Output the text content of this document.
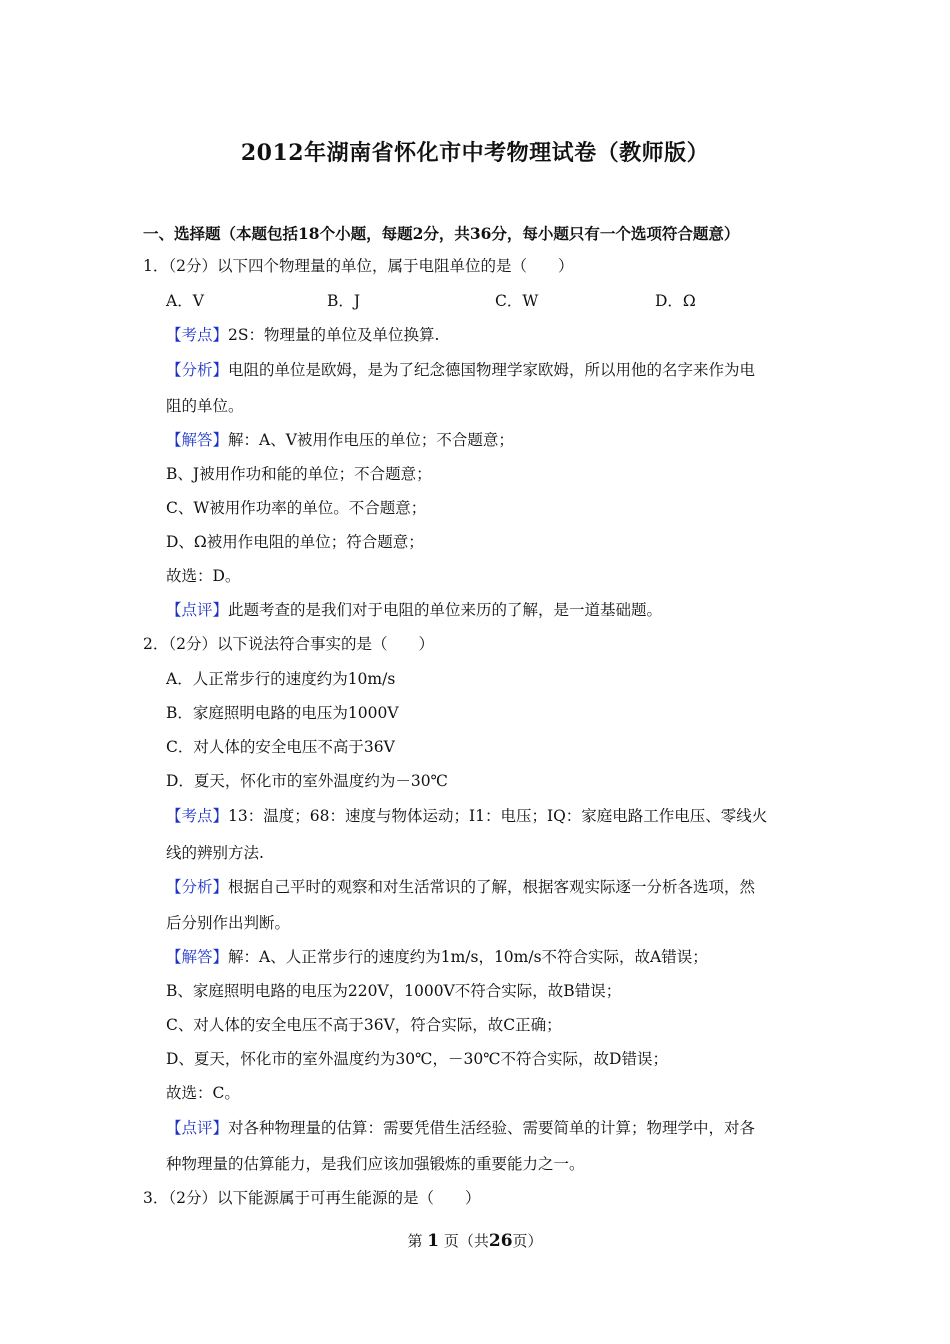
2012年湖南省怀化市中考物理试卷（教师版）
一、选择题（本题包括18个小题，每题2分，共36分，每小题只有一个选项符合题意）
1．（2分）以下四个物理量的单位，属于电阻单位的是（　　）
A．V	B．J	C．W	D．Ω
【考点】2S：物理量的单位及单位换算.
【分析】电阻的单位是欧姆，是为了纪念德国物理学家欧姆，所以用他的名字来作为电
阻的单位。
【解答】解：A、V被用作电压的单位；不合题意；
B、J被用作功和能的单位；不合题意；
C、W被用作功率的单位。不合题意；
D、Ω被用作电阻的单位；符合题意；
故选：D。
【点评】此题考查的是我们对于电阻的单位来历的了解，是一道基础题。
2．（2分）以下说法符合事实的是（　　）
A．人正常步行的速度约为10m/s
B．家庭照明电路的电压为1000V
C．对人体的安全电压不高于36V
D．夏天，怀化市的室外温度约为－30℃
【考点】13：温度；68：速度与物体运动；I1：电压；IQ：家庭电路工作电压、零线火
线的辨别方法.
【分析】根据自己平时的观察和对生活常识的了解，根据客观实际逐一分析各选项，然
后分别作出判断。
【解答】解：A、人正常步行的速度约为1m/s，10m/s不符合实际，故A错误；
B、家庭照明电路的电压为220V，1000V不符合实际，故B错误；
C、对人体的安全电压不高于36V，符合实际，故C正确；
D、夏天，怀化市的室外温度约为30℃，－30℃不符合实际，故D错误；
故选：C。
【点评】对各种物理量的估算：需要凭借生活经验、需要简单的计算；物理学中，对各
种物理量的估算能力，是我们应该加强锻炼的重要能力之一。
3．（2分）以下能源属于可再生能源的是（　　）
第 1 页（共26页）
